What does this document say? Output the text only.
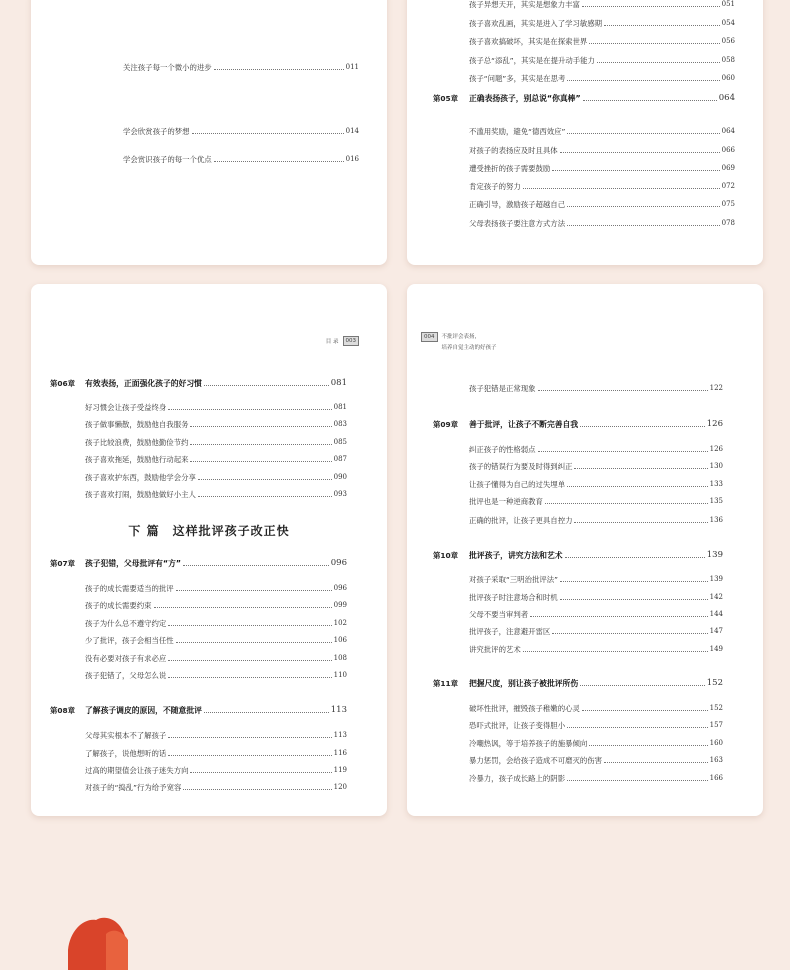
关注孩子每一个微小的进步	011
学会欣赏孩子的梦想	014
学会赏识孩子的每一个优点	016
孩子异想天开，其实是想象力丰富	051
孩子喜欢乱画，其实是进入了学习敏感期	054
孩子喜欢搞破坏，其实是在探索世界	056
孩子总“添乱”，其实是在提升动手能力	058
孩子“问题”多，其实是在思考	060
第05章	正确表扬孩子，别总说“你真棒”	064
不滥用奖励，避免“德西效应”	064
对孩子的表扬应及时且具体	066
遭受挫折的孩子需要鼓励	069
肯定孩子的努力	072
正确引导，激励孩子超越自己	075
父母表扬孩子要注意方式方法	078
目 录	003
下 篇　这样批评孩子改正快
第06章	有效表扬，正面强化孩子的好习惯	081
好习惯会让孩子受益终身	081
孩子做事懒散，鼓励他自我服务	083
孩子比较浪费，鼓励他勤俭节约	085
孩子喜欢拖延，鼓励他行动起来	087
孩子喜欢护东西，鼓励他学会分享	090
孩子喜欢打闹，鼓励他做好小主人	093
第07章	孩子犯错，父母批评有“方”	096
孩子的成长需要适当的批评	096
孩子的成长需要约束	099
孩子为什么总不遵守约定	102
少了批评，孩子会相当任性	106
没有必要对孩子有求必应	108
孩子犯错了，父母怎么说	110
第08章	了解孩子调皮的原因，不随意批评	113
父母其实根本不了解孩子	113
了解孩子，说他想听的话	116
过高的期望值会让孩子迷失方向	119
对孩子的“捣乱”行为给予宽容	120
004	不批评会表扬，
培养自觉主动的好孩子
孩子犯错是正常现象	122
第09章	善于批评，让孩子不断完善自我	126
纠正孩子的性格弱点	126
孩子的错误行为要及时得到纠正	130
让孩子懂得为自己的过失埋单	133
批评也是一种逆商教育	135
正确的批评，让孩子更具自控力	136
第10章	批评孩子，讲究方法和艺术	139
对孩子采取“三明治批评法”	139
批评孩子时注意场合和时机	142
父母不要当审判者	144
批评孩子，注意避开雷区	147
讲究批评的艺术	149
第11章	把握尺度，别让孩子被批评所伤	152
破坏性批评，摧毁孩子稚嫩的心灵	152
恐吓式批评，让孩子变得胆小	157
冷嘲热讽，等于培养孩子的施暴倾向	160
暴力惩罚，会给孩子造成不可磨灭的伤害	163
冷暴力，孩子成长路上的阴影	166
